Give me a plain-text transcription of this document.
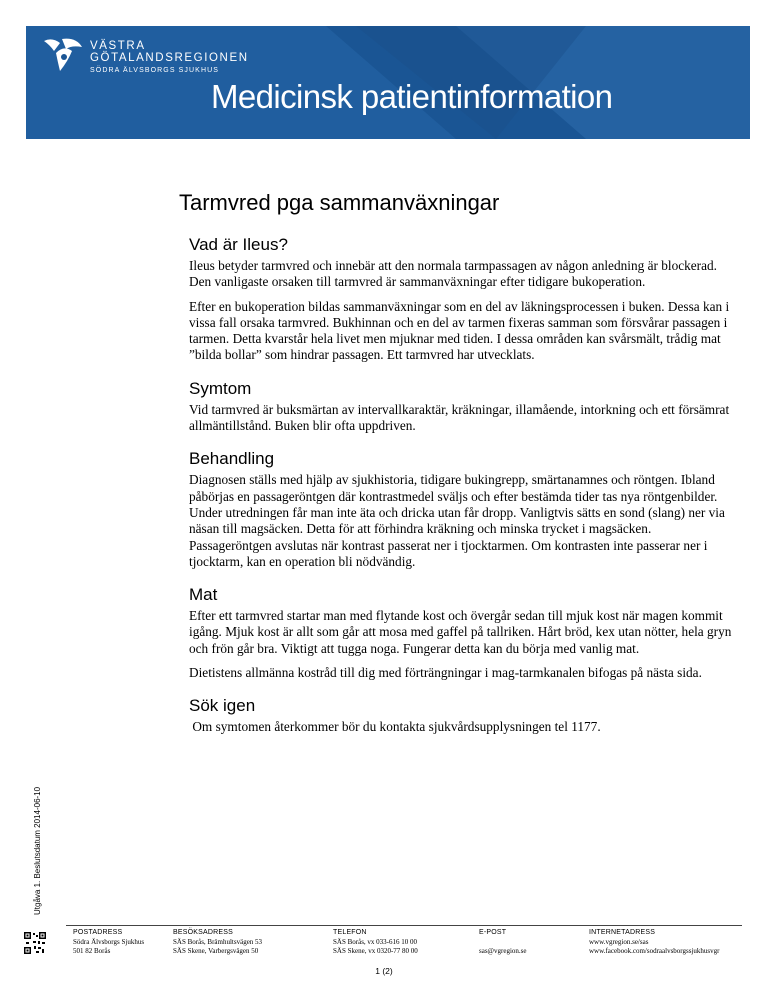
VÄSTRA
GÖTALANDSREGIONEN
SÖDRA ÄLVSBORGS SJUKHUS
Medicinsk patientinformation
Tarmvred pga sammanväxningar
Vad är Ileus?

Ileus betyder tarmvred och innebär att den normala tarmpassagen av någon anledning är blockerad. Den vanligaste orsaken till tarmvred är sammanväxningar efter tidigare bukoperation.

Efter en bukoperation bildas sammanväxningar som en del av läkningsprocessen i buken. Dessa kan i vissa fall orsaka tarmvred. Bukhinnan och en del av tarmen fixeras samman som försvårar passagen i tarmen. Detta kvarstår hela livet men mjuknar med tiden. I dessa områden kan svårsmält, trådig mat ”bilda bollar” som hindrar passagen. Ett tarmvred har utvecklats.

Symtom

Vid tarmvred är buksmärtan av intervallkaraktär, kräkningar, illamående, intorkning och ett försämrat allmäntillstånd. Buken blir ofta uppdriven.

Behandling

Diagnosen ställs med hjälp av sjukhistoria, tidigare bukingrepp, smärtanamnes och röntgen. Ibland påbörjas en passageröntgen där kontrastmedel sväljs och efter bestämda tider tas nya röntgenbilder. Under utredningen får man inte äta och dricka utan får dropp. Vanligtvis sätts en sond (slang) ner via näsan till magsäcken. Detta för att förhindra kräkning och minska trycket i magsäcken. Passageröntgen avslutas när kontrast passerat ner i tjocktarmen. Om kontrasten inte passerar ner i tjocktarm, kan en operation bli nödvändig.

Mat

Efter ett tarmvred startar man med flytande kost och övergår sedan till mjuk kost när magen kommit igång. Mjuk kost är allt som går att mosa med gaffel på tallriken. Hårt bröd, kex utan nötter, hela gryn och frön går bra. Viktigt att tugga noga. Fungerar detta kan du börja med vanlig mat.

Dietistens allmänna kostråd till dig med förträngningar i mag-tarmkanalen bifogas på nästa sida.

Sök igen

Om symtomen återkommer bör du kontakta sjukvårdsupplysningen tel 1177.

Utgåva 1. Beslutsdatum 2014-06-10
POSTADRESS
Södra Älvsborgs Sjukhus
501 82 Borås
BESÖKSADRESS
SÄS Borås, Brämhultsvägen 53
SÄS Skene, Varbergsvägen 50
TELEFON
SÄS Borås, vx 033-616 10 00
SÄS Skene, vx 0320-77 80 00
E-POST

sas@vgregion.se
INTERNETADRESS
www.vgregion.se/sas
www.facebook.com/sodraalvsborgssjukhusvgr
1 (2)
